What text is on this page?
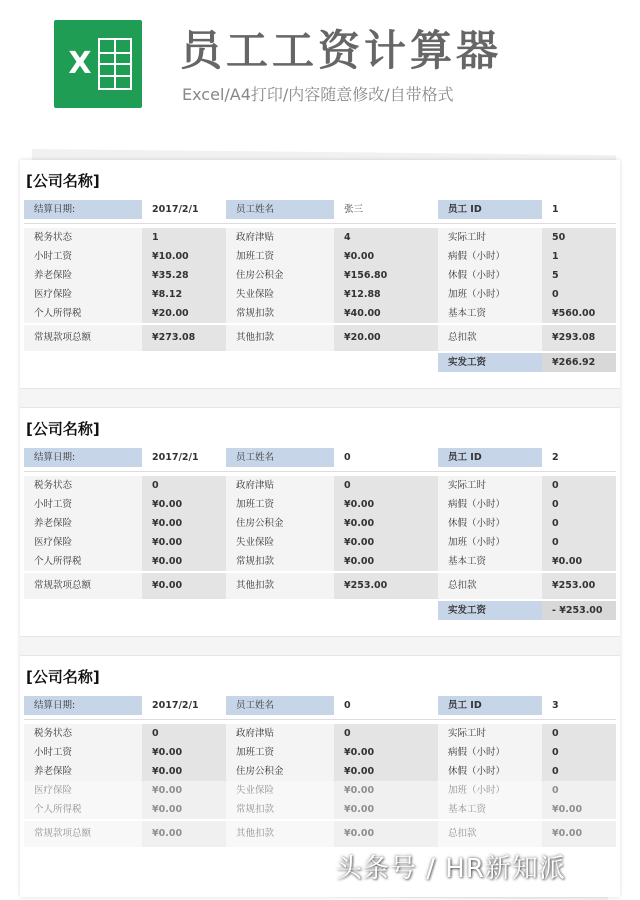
X 员工工资计算器
Excel/A4打印/内容随意修改/自带格式
[公司名称]
结算日期:	2017/2/1	员工姓名	张三	员工 ID	1
税务状态	1	政府津贴	4	实际工时	50
小时工资	¥10.00	加班工资	¥0.00	病假（小时）	1
养老保险	¥35.28	住房公积金	¥156.80	休假（小时）	5
医疗保险	¥8.12	失业保险	¥12.88	加班（小时）	0
个人所得税	¥20.00	常规扣款	¥40.00	基本工资	¥560.00
常规款项总额	¥273.08	其他扣款	¥20.00	总扣款	¥293.08
实发工资	¥266.92
[公司名称]
结算日期:	2017/2/1	员工姓名	0	员工 ID	2
税务状态	0	政府津贴	0	实际工时	0
小时工资	¥0.00	加班工资	¥0.00	病假（小时）	0
养老保险	¥0.00	住房公积金	¥0.00	休假（小时）	0
医疗保险	¥0.00	失业保险	¥0.00	加班（小时）	0
个人所得税	¥0.00	常规扣款	¥0.00	基本工资	¥0.00
常规款项总额	¥0.00	其他扣款	¥253.00	总扣款	¥253.00
实发工资	- ¥253.00
[公司名称]
结算日期:	2017/2/1	员工姓名	0	员工 ID	3
税务状态	0	政府津贴	0	实际工时	0
小时工资	¥0.00	加班工资	¥0.00	病假（小时）	0
养老保险	¥0.00	住房公积金	¥0.00	休假（小时）	0
医疗保险	¥0.00	失业保险	¥0.00	加班（小时）	0
个人所得税	¥0.00	常规扣款	¥0.00	基本工资	¥0.00
常规款项总额	¥0.00	其他扣款	¥0.00	总扣款	¥0.00
头条号 / HR新知派
